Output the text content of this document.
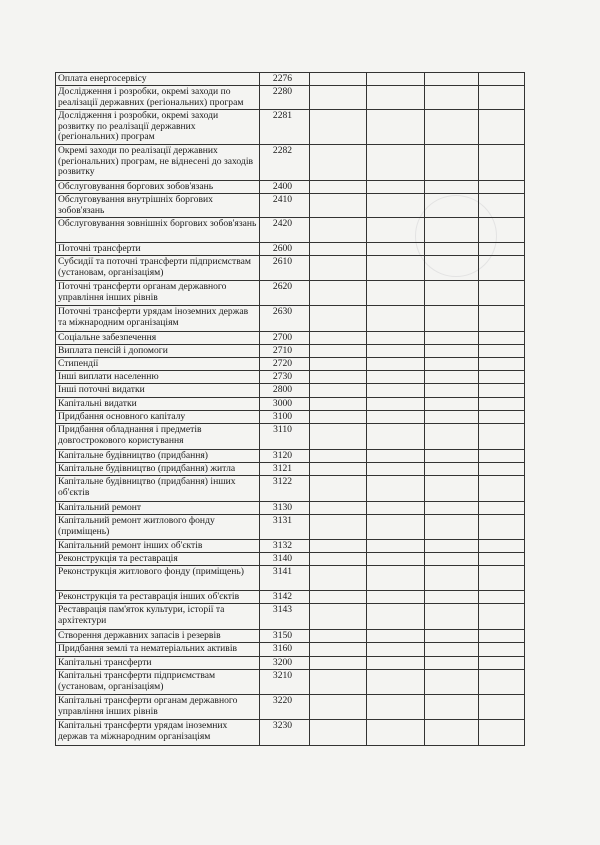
Оплата енергосервісу	2276				
Дослідження і розробки, окремі заходи по реалізації державних (регіональних) програм	2280				
Дослідження і розробки, окремі заходи розвитку по реалізації державних (регіональних) програм	2281				
Окремі заходи по реалізації державних (регіональних) програм, не віднесені до заходів розвитку	2282				
Обслуговування боргових зобов'язань	2400				
Обслуговування внутрішніх боргових зобов'язань	2410				
Обслуговування зовнішніх боргових зобов'язань	2420				
Поточні трансферти	2600				
Субсидії та поточні трансферти підприємствам (установам, організаціям)	2610				
Поточні трансферти органам державного управління інших рівнів	2620				
Поточні трансферти урядам іноземних держав та міжнародним організаціям	2630				
Соціальне забезпечення	2700				
Виплата пенсій і допомоги	2710				
Стипендії	2720				
Інші виплати населенню	2730				
Інші поточні видатки	2800				
Капітальні видатки	3000				
Придбання основного капіталу	3100				
Придбання обладнання і предметів довгострокового користування	3110				
Капітальне будівництво (придбання)	3120				
Капітальне будівництво (придбання) житла	3121				
Капітальне будівництво (придбання) інших об'єктів	3122				
Капітальний ремонт	3130				
Капітальний ремонт житлового фонду (приміщень)	3131				
Капітальний ремонт інших об'єктів	3132				
Реконструкція та реставрація	3140				
Реконструкція житлового фонду (приміщень)	3141				
Реконструкція та реставрація інших об'єктів	3142				
Реставрація пам'яток культури, історії та архітектури	3143				
Створення державних запасів і резервів	3150				
Придбання землі та нематеріальних активів	3160				
Капітальні трансферти	3200				
Капітальні трансферти підприємствам (установам, організаціям)	3210				
Капітальні трансферти органам державного управління інших рівнів	3220				
Капітальні трансферти урядам іноземних держав та міжнародним організаціям	3230				
